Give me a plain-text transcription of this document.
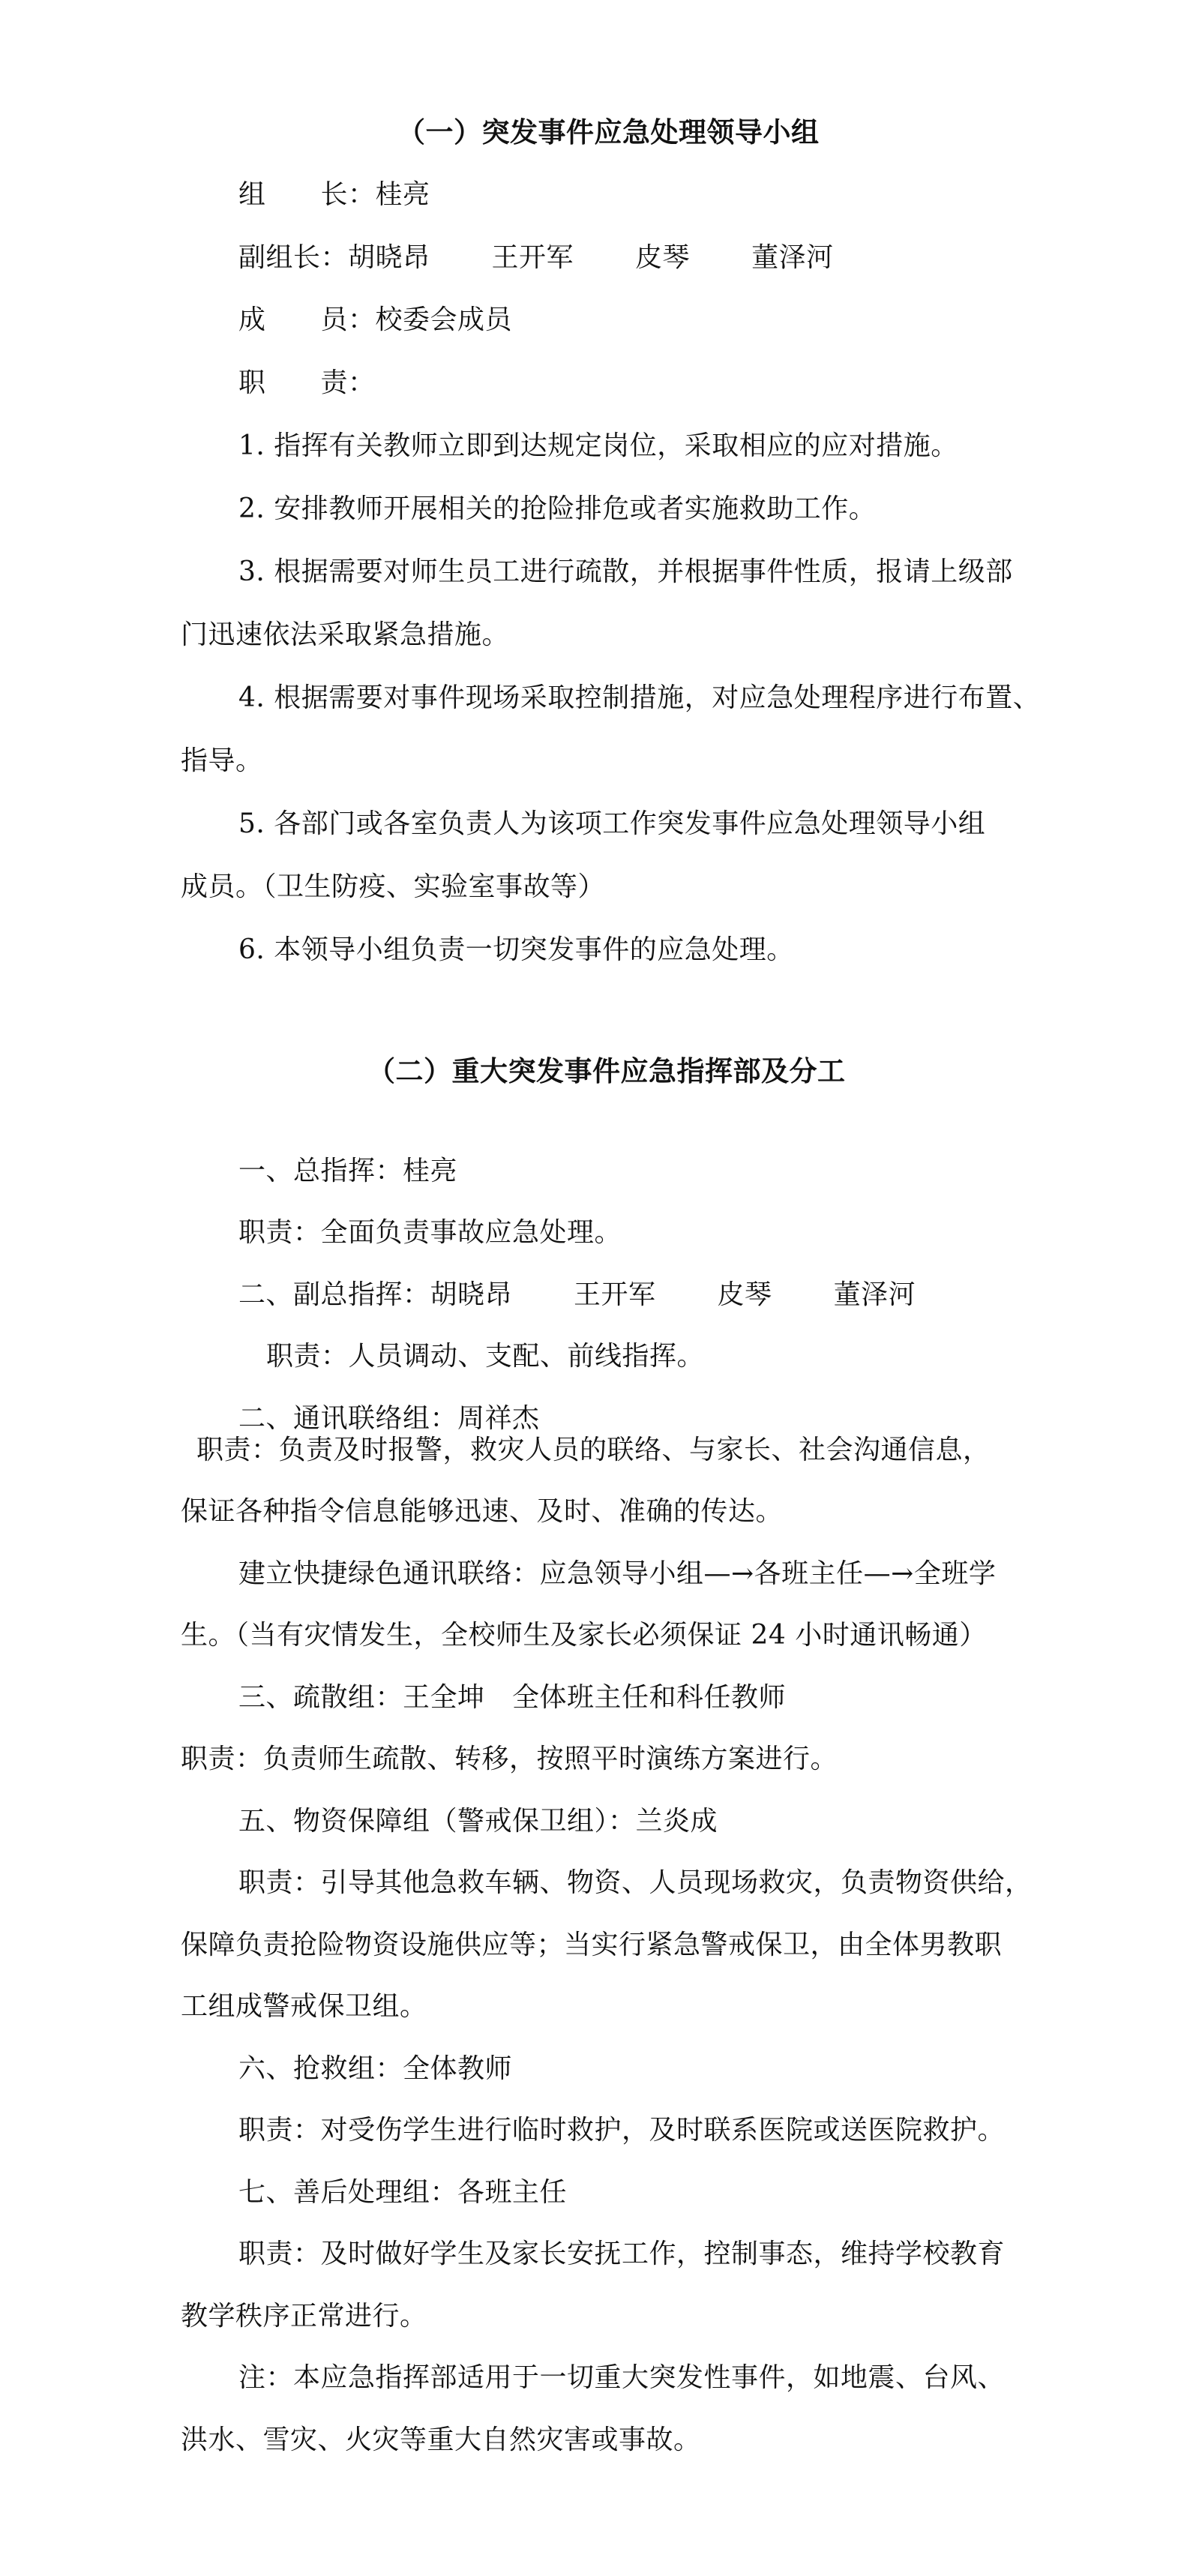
（一）突发事件应急处理领导小组
组　　长：桂亮
副组长：胡晓昂 王开军 皮琴 董泽河
成　　员：校委会成员
职　　责：
1. 指挥有关教师立即到达规定岗位，采取相应的应对措施。
2. 安排教师开展相关的抢险排危或者实施救助工作。
3. 根据需要对师生员工进行疏散，并根据事件性质，报请上级部
门迅速依法采取紧急措施。
4. 根据需要对事件现场采取控制措施，对应急处理程序进行布置、
指导。
5. 各部门或各室负责人为该项工作突发事件应急处理领导小组
成员。（卫生防疫、实验室事故等）
6. 本领导小组负责一切突发事件的应急处理。
（二）重大突发事件应急指挥部及分工
一、总指挥：桂亮
职责：全面负责事故应急处理。
二、副总指挥：胡晓昂 王开军 皮琴 董泽河
职责：人员调动、支配、前线指挥。
二、通讯联络组：周祥杰
职责：负责及时报警，救灾人员的联络、与家长、社会沟通信息，
保证各种指令信息能够迅速、及时、准确的传达。
建立快捷绿色通讯联络：应急领导小组—→各班主任—→全班学
生。（当有灾情发生，全校师生及家长必须保证 24 小时通讯畅通）
三、疏散组：王全坤　全体班主任和科任教师
职责：负责师生疏散、转移，按照平时演练方案进行。
五、物资保障组（警戒保卫组）：兰炎成
职责：引导其他急救车辆、物资、人员现场救灾，负责物资供给，
保障负责抢险物资设施供应等；当实行紧急警戒保卫，由全体男教职
工组成警戒保卫组。
六、抢救组：全体教师
职责：对受伤学生进行临时救护，及时联系医院或送医院救护。
七、善后处理组：各班主任
职责：及时做好学生及家长安抚工作，控制事态，维持学校教育
教学秩序正常进行。
注：本应急指挥部适用于一切重大突发性事件，如地震、台风、
洪水、雪灾、火灾等重大自然灾害或事故。
